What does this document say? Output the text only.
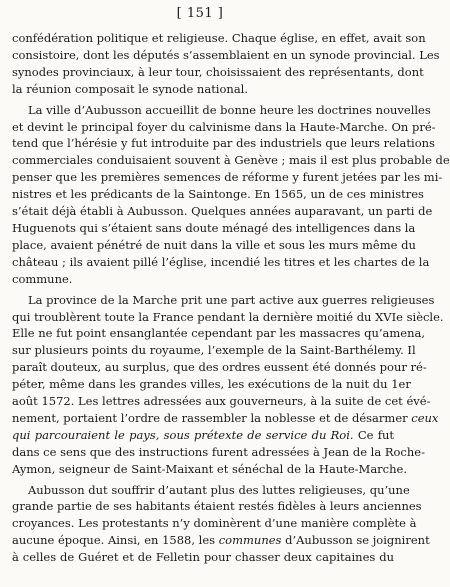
[ 151 ]
confédération politique et religieuse. Chaque église, en effet, avait son
consistoire, dont les députés s’assemblaient en un synode provincial. Les
synodes provinciaux, à leur tour, choisissaient des représentants, dont
la réunion composait le synode national.
La ville d’Aubusson accueillit de bonne heure les doctrines nouvelles
et devint le principal foyer du calvinisme dans la Haute-Marche. On pré-
tend que l’hérésie y fut introduite par des industriels que leurs relations
commerciales conduisaient souvent à Genève ; mais il est plus probable de
penser que les premières semences de réforme y furent jetées par les mi-
nistres et les prédicants de la Saintonge. En 1565, un de ces ministres
s’était déjà établi à Aubusson. Quelques années auparavant, un parti de
Huguenots qui s’étaient sans doute ménagé des intelligences dans la
place, avaient pénétré de nuit dans la ville et sous les murs même du
château ; ils avaient pillé l’église, incendié les titres et les chartes de la
commune.
La province de la Marche prit une part active aux guerres religieuses
qui troublèrent toute la France pendant la dernière moitié du XVIe siècle.
Elle ne fut point ensanglantée cependant par les massacres qu’amena,
sur plusieurs points du royaume, l’exemple de la Saint-Barthélemy. Il
paraît douteux, au surplus, que des ordres eussent été donnés pour ré-
péter, même dans les grandes villes, les exécutions de la nuit du 1er
août 1572. Les lettres adressées aux gouverneurs, à la suite de cet évé-
nement, portaient l’ordre de rassembler la noblesse et de désarmer ceux
qui parcouraient le pays, sous prétexte de service du Roi. Ce fut
dans ce sens que des instructions furent adressées à Jean de la Roche-
Aymon, seigneur de Saint-Maixant et sénéchal de la Haute-Marche.
Aubusson dut souffrir d’autant plus des luttes religieuses, qu’une
grande partie de ses habitants étaient restés fidèles à leurs anciennes
croyances. Les protestants n’y dominèrent d’une manière complète à
aucune époque. Ainsi, en 1588, les communes d’Aubusson se joignirent
à celles de Guéret et de Felletin pour chasser deux capitaines du
